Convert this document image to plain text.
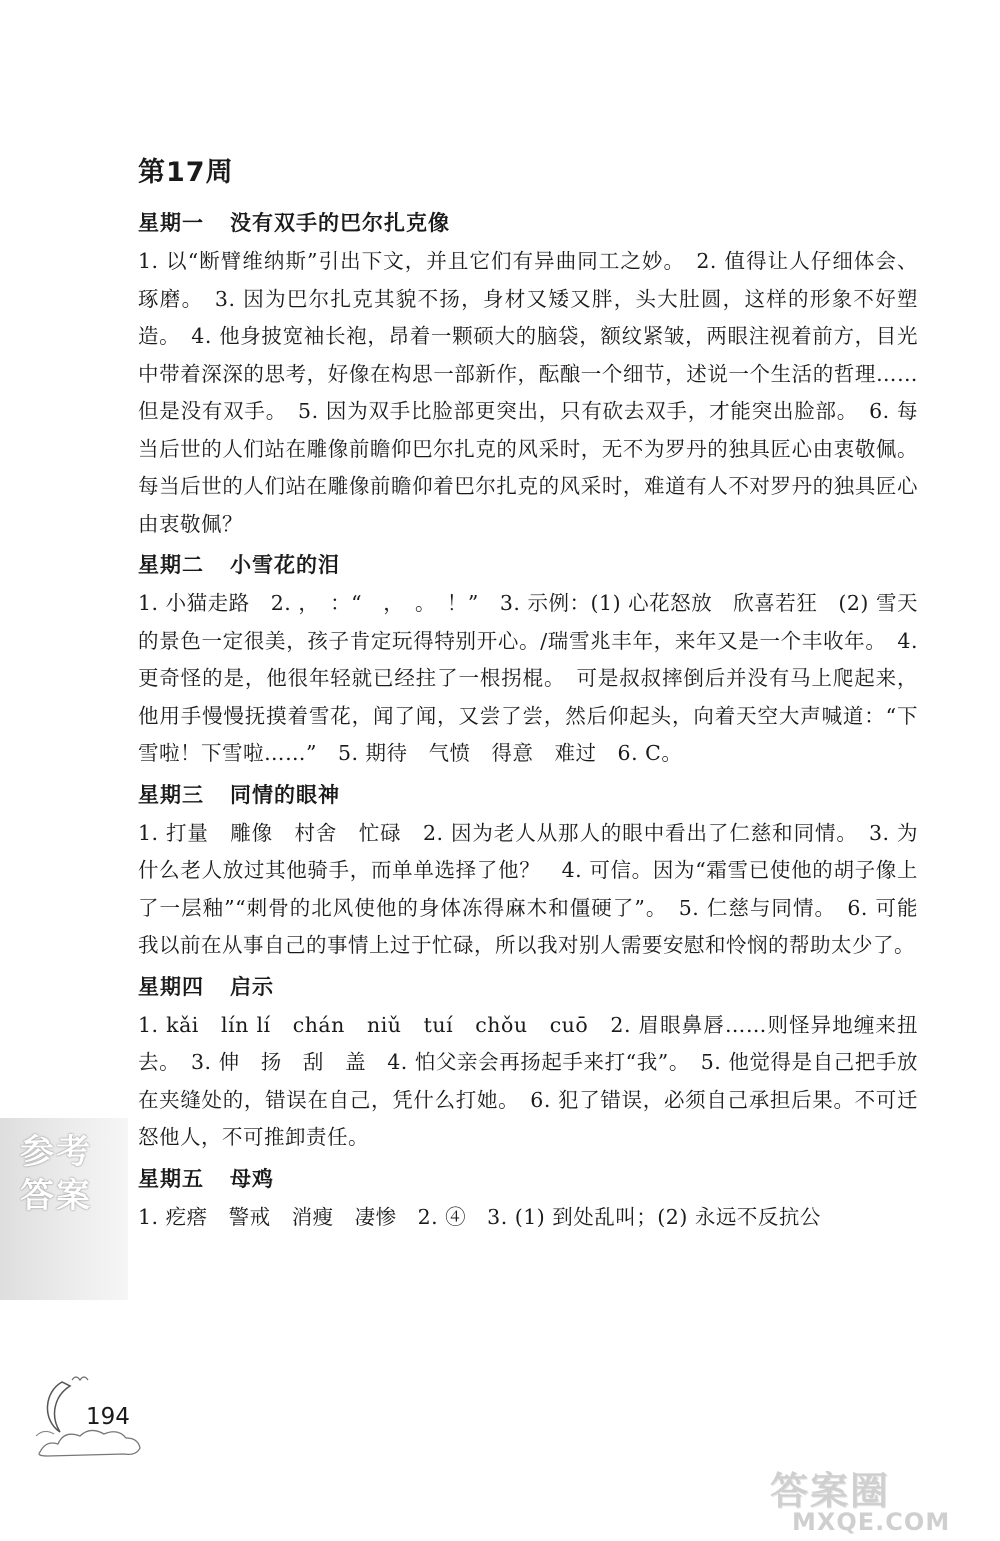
第17周
星期一 没有双手的巴尔扎克像

1. 以“断臂维纳斯”引出下文，并且它们有异曲同工之妙。　2. 值得让人仔细体会、琢磨。　3. 因为巴尔扎克其貌不扬，身材又矮又胖，头大肚圆，这样的形象不好塑造。　4. 他身披宽袖长袍，昂着一颗硕大的脑袋，额纹紧皱，两眼注视着前方，目光中带着深深的思考，好像在构思一部新作，酝酿一个细节，述说一个生活的哲理……但是没有双手。　5. 因为双手比脸部更突出，只有砍去双手，才能突出脸部。　6. 每当后世的人们站在雕像前瞻仰巴尔扎克的风采时，无不为罗丹的独具匠心由衷敬佩。每当后世的人们站在雕像前瞻仰着巴尔扎克的风采时，难道有人不对罗丹的独具匠心由衷敬佩？

星期二 小雪花的泪

1. 小猫走路　2. ，　：“　，　。　！”　3. 示例：(1) 心花怒放　欣喜若狂　(2) 雪天的景色一定很美，孩子肯定玩得特别开心。/瑞雪兆丰年，来年又是一个丰收年。　4. 更奇怪的是，他很年轻就已经拄了一根拐棍。　可是叔叔摔倒后并没有马上爬起来，他用手慢慢抚摸着雪花，闻了闻，又尝了尝，然后仰起头，向着天空大声喊道：“下雪啦！下雪啦……”　5. 期待　气愤　得意　难过　6. C。

星期三 同情的眼神

1. 打量　雕像　村舍　忙碌　2. 因为老人从那人的眼中看出了仁慈和同情。　3. 为什么老人放过其他骑手，而单单选择了他？　4. 可信。因为“霜雪已使他的胡子像上了一层釉”“刺骨的北风使他的身体冻得麻木和僵硬了”。　5. 仁慈与同情。　6. 可能我以前在从事自己的事情上过于忙碌，所以我对别人需要安慰和怜悯的帮助太少了。

星期四 启示

1. kǎi　lín lí　chán　niǔ　tuí　chǒu　cuō　2. 眉眼鼻唇……则怪异地缠来扭去。　3. 伸　扬　刮　盖　4. 怕父亲会再扬起手来打“我”。　5. 他觉得是自己把手放在夹缝处的，错误在自己，凭什么打她。　6. 犯了错误，必须自己承担后果。不可迁怒他人，不可推卸责任。

星期五 母鸡

1. 疙瘩　警戒　消瘦　凄惨　2. ④　3. (1) 到处乱叫；(2) 永远不反抗公

参考答案
194
答案圈
MXQE.COM
